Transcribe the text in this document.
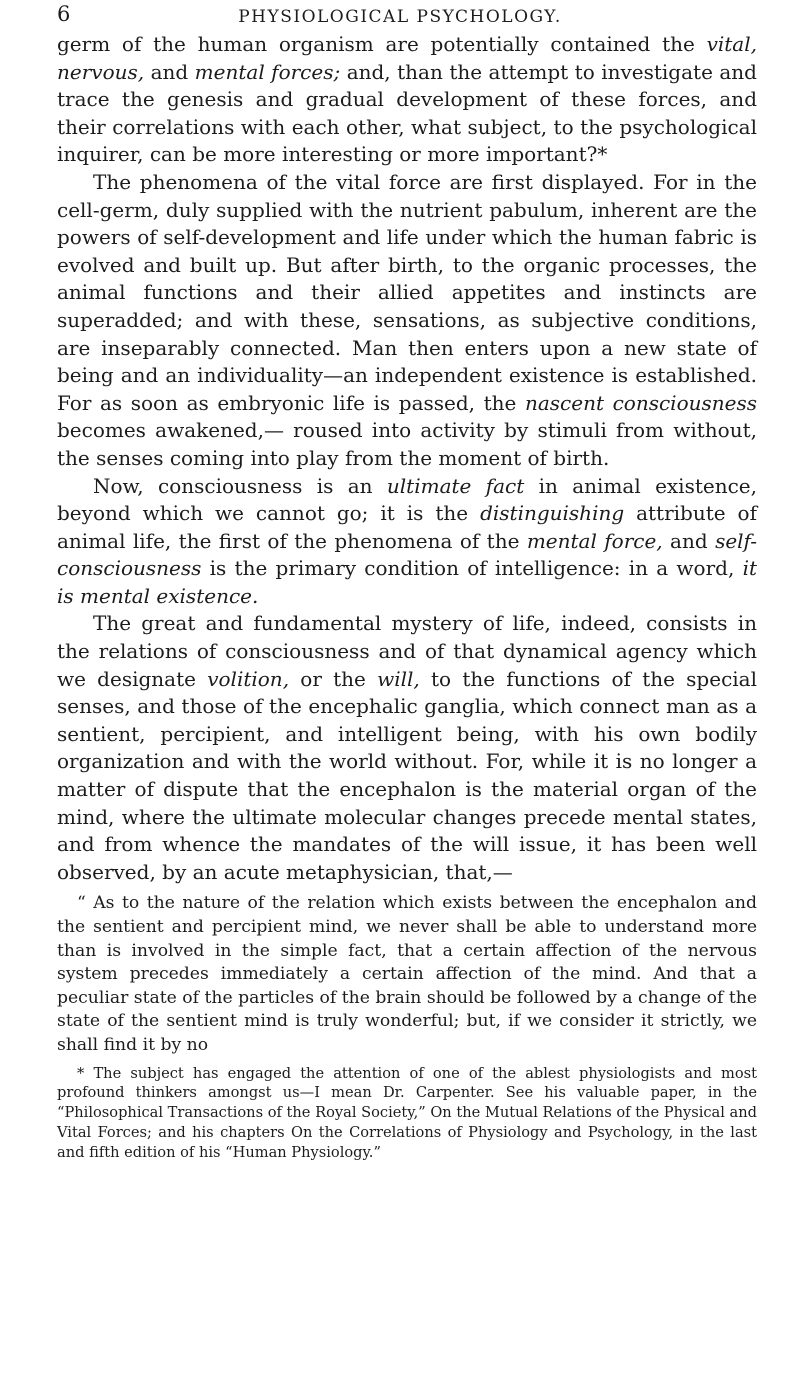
6	PHYSIOLOGICAL PSYCHOLOGY.

germ of the human organism are potentially contained the vital, nervous, and mental forces; and, than the attempt to investigate and trace the genesis and gradual development of these forces, and their correlations with each other, what subject, to the psychological inquirer, can be more interesting or more important?*

The phenomena of the vital force are first displayed. For in the cell-germ, duly supplied with the nutrient pabulum, inherent are the powers of self-development and life under which the human fabric is evolved and built up. But after birth, to the organic processes, the animal functions and their allied appetites and instincts are superadded; and with these, sensations, as subjective conditions, are inseparably connected. Man then enters upon a new state of being and an individuality—an independent existence is established. For as soon as embryonic life is passed, the nascent consciousness becomes awakened,— roused into activity by stimuli from without, the senses coming into play from the moment of birth.

Now, consciousness is an ultimate fact in animal existence, beyond which we cannot go; it is the distinguishing attribute of animal life, the first of the phenomena of the mental force, and self-consciousness is the primary condition of intelligence: in a word, it is mental existence.

The great and fundamental mystery of life, indeed, consists in the relations of consciousness and of that dynamical agency which we designate volition, or the will, to the functions of the special senses, and those of the encephalic ganglia, which connect man as a sentient, percipient, and intelligent being, with his own bodily organization and with the world without. For, while it is no longer a matter of dispute that the encephalon is the material organ of the mind, where the ultimate molecular changes precede mental states, and from whence the mandates of the will issue, it has been well observed, by an acute metaphysician, that,—

“ As to the nature of the relation which exists between the encephalon and the sentient and percipient mind, we never shall be able to understand more than is involved in the simple fact, that a certain affection of the nervous system precedes immediately a certain affection of the mind. And that a peculiar state of the particles of the brain should be followed by a change of the state of the sentient mind is truly wonderful; but, if we consider it strictly, we shall find it by no

* The subject has engaged the attention of one of the ablest physiologists and most profound thinkers amongst us—I mean Dr. Carpenter. See his valuable paper, in the “Philosophical Transactions of the Royal Society,” On the Mutual Relations of the Physical and Vital Forces; and his chapters On the Correlations of Physiology and Psychology, in the last and fifth edition of his “Human Physiology.”
